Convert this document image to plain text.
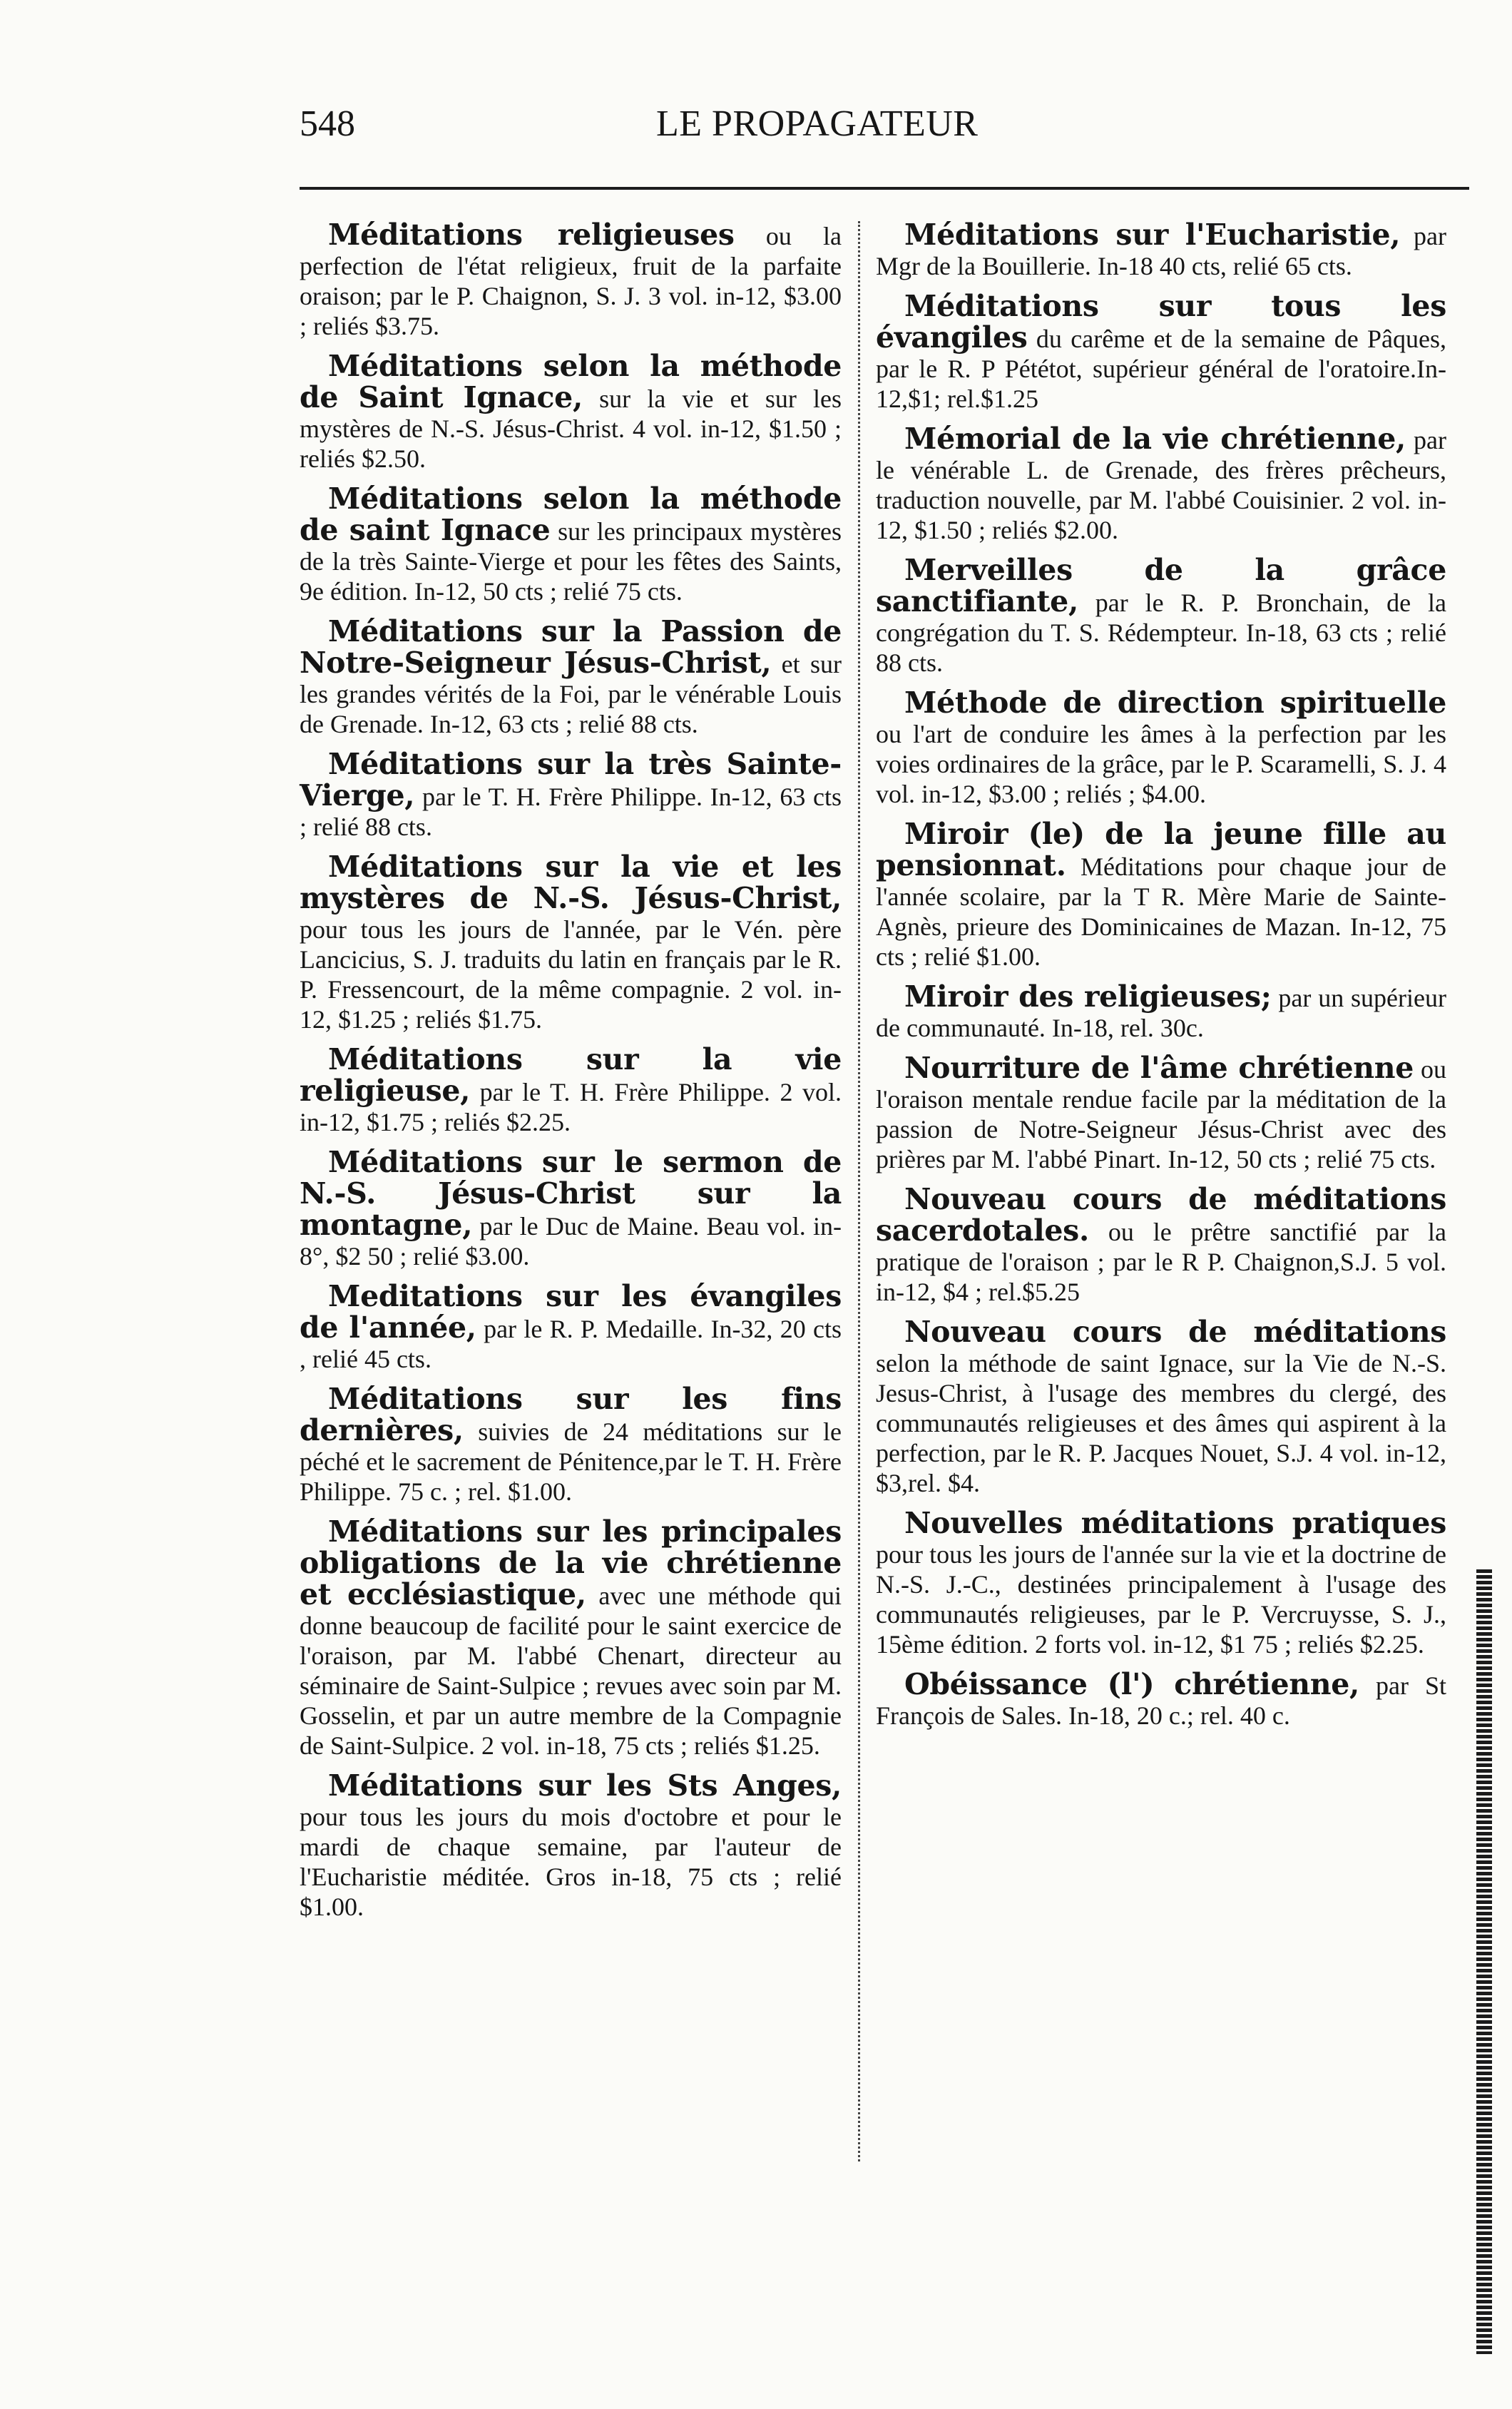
548	LE PROPAGATEUR

Méditations religieuses ou la perfection de l'état religieux, fruit de la parfaite oraison; par le P. Chaignon, S. J. 3 vol. in-12, $3.00 ; reliés $3.75.

Méditations selon la méthode de Saint Ignace, sur la vie et sur les mystères de N.-S. Jésus-Christ. 4 vol. in-12, $1.50 ; reliés $2.50.

Méditations selon la méthode de saint Ignace sur les principaux mystères de la très Sainte-Vierge et pour les fêtes des Saints, 9e édition. In-12, 50 cts ; relié 75 cts.

Méditations sur la Passion de Notre-Seigneur Jésus-Christ, et sur les grandes vérités de la Foi, par le vénérable Louis de Grenade. In-12, 63 cts ; relié 88 cts.

Méditations sur la très Sainte-Vierge, par le T. H. Frère Philippe. In-12, 63 cts ; relié 88 cts.

Méditations sur la vie et les mystères de N.-S. Jésus-Christ, pour tous les jours de l'année, par le Vén. père Lancicius, S. J. traduits du latin en français par le R. P. Fressencourt, de la même compagnie. 2 vol. in-12, $1.25 ; reliés $1.75.

Méditations sur la vie religieuse, par le T. H. Frère Philippe. 2 vol. in-12, $1.75 ; reliés $2.25.

Méditations sur le sermon de N.-S. Jésus-Christ sur la montagne, par le Duc de Maine. Beau vol. in-8°, $2 50 ; relié $3.00.

Meditations sur les évangiles de l'année, par le R. P. Medaille. In-32, 20 cts , relié 45 cts.

Méditations sur les fins dernières, suivies de 24 méditations sur le péché et le sacrement de Pénitence,par le T. H. Frère Philippe. 75 c. ; rel. $1.00.

Méditations sur les principales obligations de la vie chrétienne et ecclésiastique, avec une méthode qui donne beaucoup de facilité pour le saint exercice de l'oraison, par M. l'abbé Chenart, directeur au séminaire de Saint-Sulpice ; revues avec soin par M. Gosselin, et par un autre membre de la Compagnie de Saint-Sulpice. 2 vol. in-18, 75 cts ; reliés $1.25.

Méditations sur les Sts Anges, pour tous les jours du mois d'octobre et pour le mardi de chaque semaine, par l'auteur de l'Eucharistie méditée. Gros in-18, 75 cts ; relié $1.00.

Méditations sur l'Eucharistie, par Mgr de la Bouillerie. In-18 40 cts, relié 65 cts.

Méditations sur tous les évangiles du carême et de la semaine de Pâques, par le R. P Pététot, supérieur général de l'oratoire.In-12,$1; rel.$1.25

Mémorial de la vie chrétienne, par le vénérable L. de Grenade, des frères prêcheurs, traduction nouvelle, par M. l'abbé Couisinier. 2 vol. in-12, $1.50 ; reliés $2.00.

Merveilles de la grâce sanctifiante, par le R. P. Bronchain, de la congrégation du T. S. Rédempteur. In-18, 63 cts ; relié 88 cts.

Méthode de direction spirituelle ou l'art de conduire les âmes à la perfection par les voies ordinaires de la grâce, par le P. Scaramelli, S. J. 4 vol. in-12, $3.00 ; reliés ; $4.00.

Miroir (le) de la jeune fille au pensionnat. Méditations pour chaque jour de l'année scolaire, par la T R. Mère Marie de Sainte-Agnès, prieure des Dominicaines de Mazan. In-12, 75 cts ; relié $1.00.

Miroir des religieuses; par un supérieur de communauté. In-18, rel. 30c.

Nourriture de l'âme chrétienne ou l'oraison mentale rendue facile par la méditation de la passion de Notre-Seigneur Jésus-Christ avec des prières par M. l'abbé Pinart. In-12, 50 cts ; relié 75 cts.

Nouveau cours de méditations sacerdotales. ou le prêtre sanctifié par la pratique de l'oraison ; par le R P. Chaignon,S.J. 5 vol. in-12, $4 ; rel.$5.25

Nouveau cours de méditations selon la méthode de saint Ignace, sur la Vie de N.-S. Jesus-Christ, à l'usage des membres du clergé, des communautés religieuses et des âmes qui aspirent à la perfection, par le R. P. Jacques Nouet, S.J. 4 vol. in-12, $3,rel. $4.

Nouvelles méditations pratiques pour tous les jours de l'année sur la vie et la doctrine de N.-S. J.-C., destinées principalement à l'usage des communautés religieuses, par le P. Vercruysse, S. J., 15ème édition. 2 forts vol. in-12, $1 75 ; reliés $2.25.

Obéissance (l') chrétienne, par St François de Sales. In-18, 20 c.; rel. 40 c.
